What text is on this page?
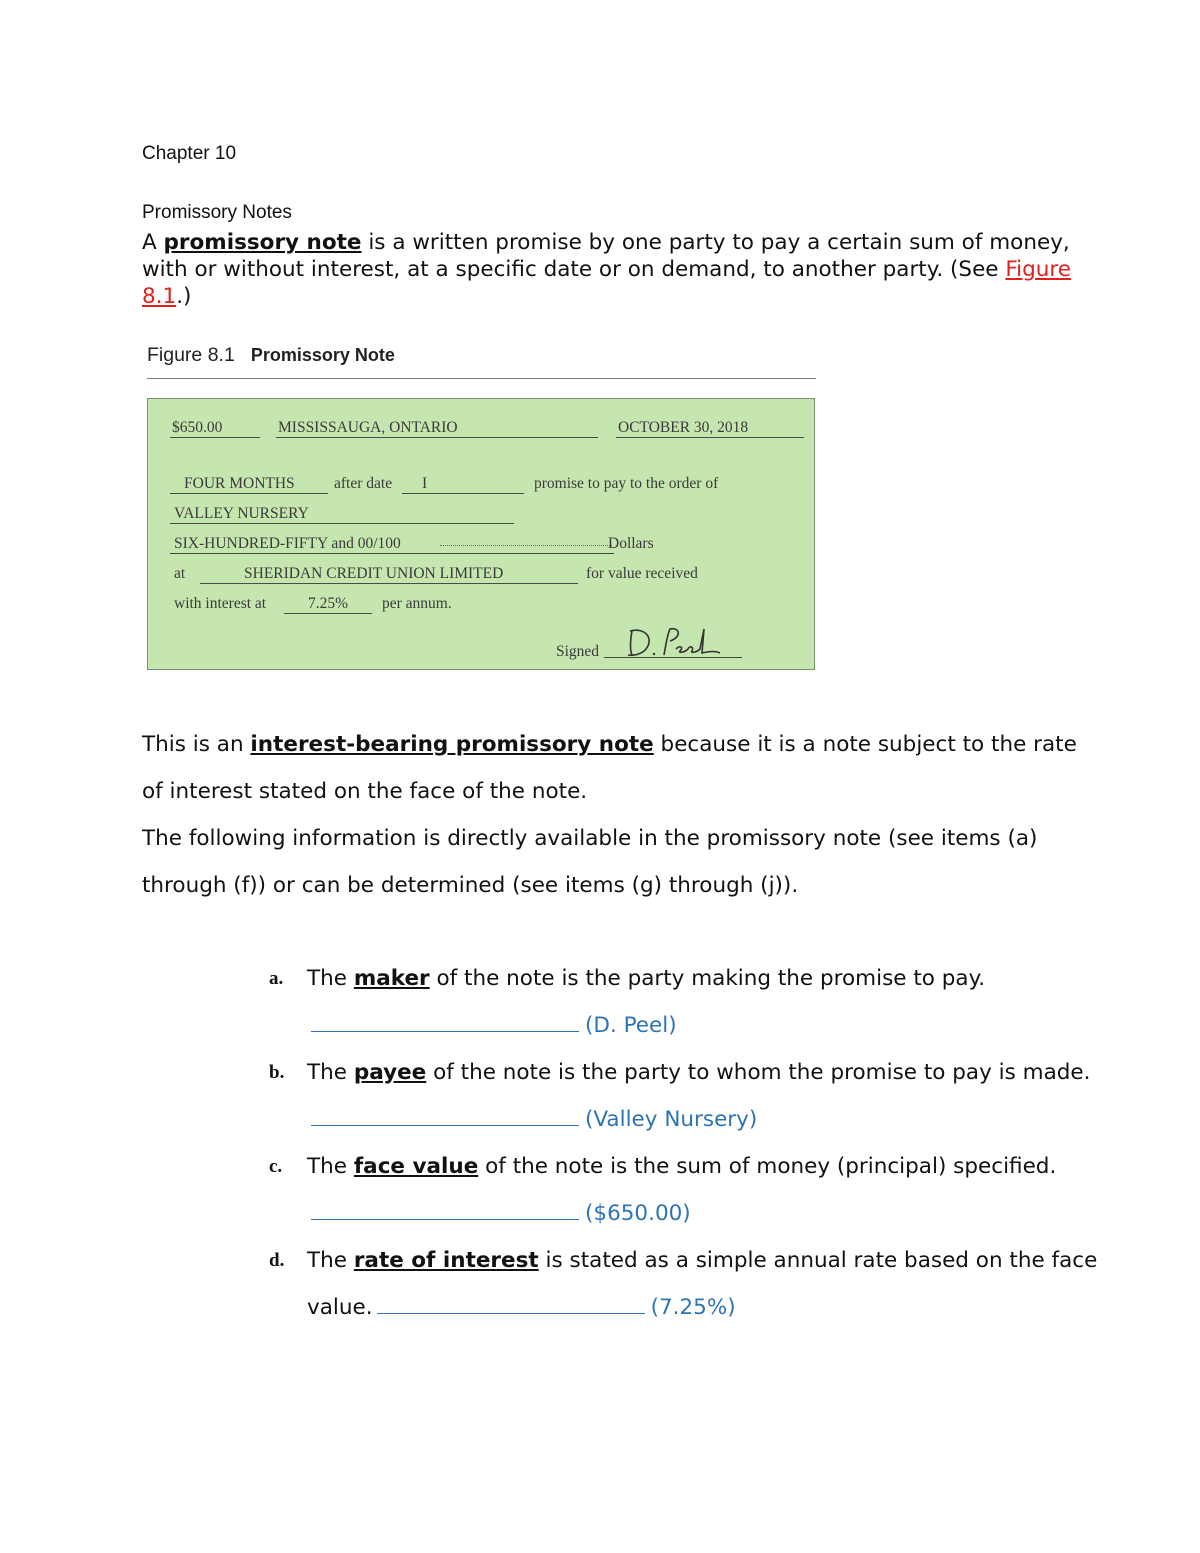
Chapter 10
Promissory Notes
A promissory note is a written promise by one party to pay a certain sum of money, with or without interest, at a specific date or on demand, to another party. (See Figure 8.1.)
Figure 8.1 Promissory Note
$650.00	MISSISSAUGA, ONTARIO	OCTOBER 30, 2018
FOUR MONTHS	after date I	promise to pay to the order of
VALLEY NURSERY
SIX-HUNDRED-FIFTY and 00/100	Dollars
at	SHERIDAN CREDIT UNION LIMITED	for value received
with interest at	7.25% per annum.
Signed
This is an interest-bearing promissory note because it is a note subject to the rate of interest stated on the face of the note.
The following information is directly available in the promissory note (see items (a) through (f)) or can be determined (see items (g) through (j)).
a. The maker of the note is the party making the promise to pay.(D. Peel)
b. The payee of the note is the party to whom the promise to pay is made.(Valley Nursery)
c. The face value of the note is the sum of money (principal) specified.($650.00)
d. The rate of interest is stated as a simple annual rate based on the face value.	(7.25%)
